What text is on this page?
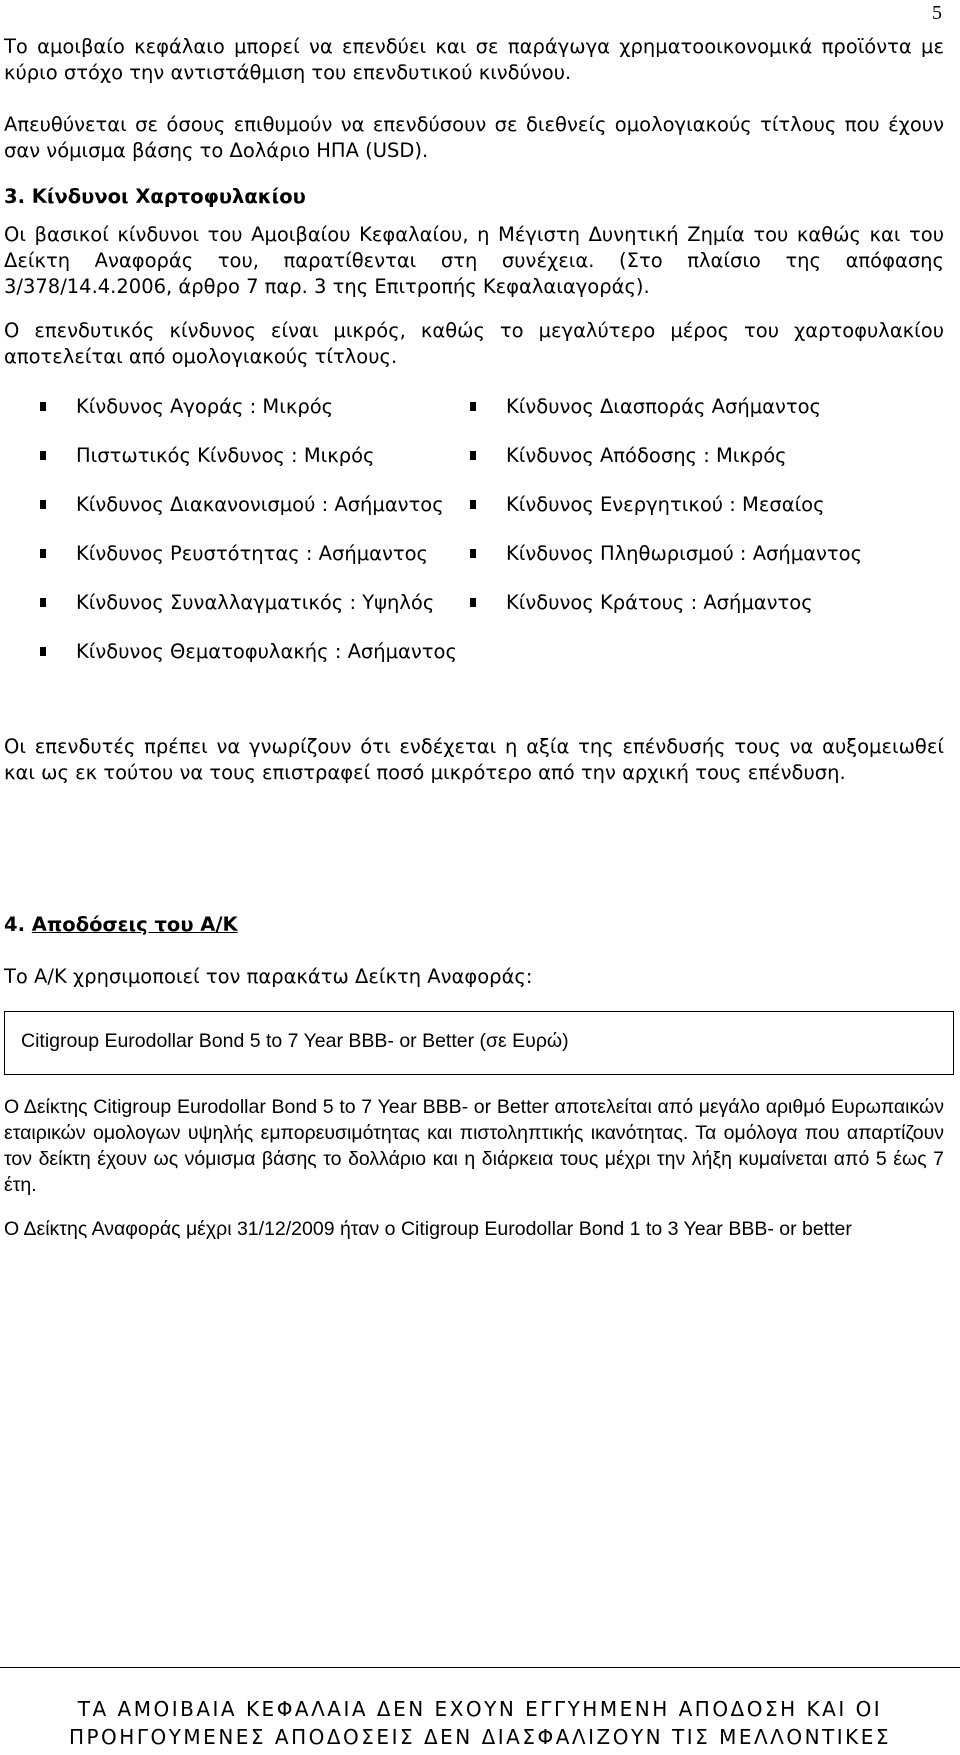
5
Το αμοιβαίο κεφάλαιο μπορεί να επενδύει και σε παράγωγα χρηματοοικονομικά προϊόντα με κύριο στόχο την αντιστάθμιση του επενδυτικού κινδύνου.
Απευθύνεται σε όσους επιθυμούν να επενδύσουν σε διεθνείς ομολογιακούς τίτλους που έχουν σαν νόμισμα βάσης το Δολάριο ΗΠΑ (USD).
3. Κίνδυνοι Χαρτοφυλακίου
Οι βασικοί κίνδυνοι του Αμοιβαίου Κεφαλαίου, η Μέγιστη Δυνητική Ζημία του καθώς και του Δείκτη Αναφοράς του, παρατίθενται στη συνέχεια. (Στο πλαίσιο της απόφασης 3/378/14.4.2006, άρθρο 7 παρ. 3 της Επιτροπής Κεφαλαιαγοράς).
Ο επενδυτικός κίνδυνος είναι μικρός, καθώς το μεγαλύτερο μέρος του χαρτοφυλακίου αποτελείται από ομολογιακούς τίτλους.
Κίνδυνος Αγοράς : Μικρός
Πιστωτικός Κίνδυνος : Μικρός
Κίνδυνος Διακανονισμού : Ασήμαντος
Κίνδυνος Ρευστότητας : Ασήμαντος
Κίνδυνος Συναλλαγματικός : Υψηλός
Κίνδυνος Θεματοφυλακής : Ασήμαντος
Κίνδυνος Διασποράς Ασήμαντος
Κίνδυνος Απόδοσης : Μικρός
Κίνδυνος Ενεργητικού : Μεσαίος
Κίνδυνος Πληθωρισμού : Ασήμαντος
Κίνδυνος Κράτους : Ασήμαντος
Οι επενδυτές πρέπει να γνωρίζουν ότι ενδέχεται η αξία της επένδυσής τους να αυξομειωθεί και ως εκ τούτου να τους επιστραφεί ποσό μικρότερο από την αρχική τους επένδυση.
4. Αποδόσεις του Α/Κ
Το Α/Κ χρησιμοποιεί τον παρακάτω Δείκτη Αναφοράς:
Citigroup Eurodollar Bond 5 to 7 Year BBB- or Better (σε Ευρώ)
Ο Δείκτης Citigroup Eurodollar Bond 5 to 7 Year BBB- or Better αποτελείται από μεγάλο αριθμό Ευρωπαικών εταιρικών ομολογων υψηλής εμπορευσιμότητας και πιστοληπτικής ικανότητας. Τα ομόλογα που απαρτίζουν τον δείκτη έχουν ως νόμισμα βάσης το δολλάριο και η διάρκεια τους μέχρι την λήξη κυμαίνεται από 5 έως 7 έτη.
Ο Δείκτης Αναφοράς μέχρι 31/12/2009 ήταν ο Citigroup Eurodollar Bond 1 to 3 Year BBB- or better
ΤΑ ΑΜΟΙΒΑΙΑ ΚΕΦΑΛΑΙΑ ΔΕΝ ΕΧΟΥΝ ΕΓΓΥΗΜΕΝΗ ΑΠΟΔΟΣΗ ΚΑΙ ΟΙ
ΠΡΟΗΓΟΥΜΕΝΕΣ ΑΠΟΔΟΣΕΙΣ ΔΕΝ ΔΙΑΣΦΑΛΙΖΟΥΝ ΤΙΣ ΜΕΛΛΟΝΤΙΚΕΣ
